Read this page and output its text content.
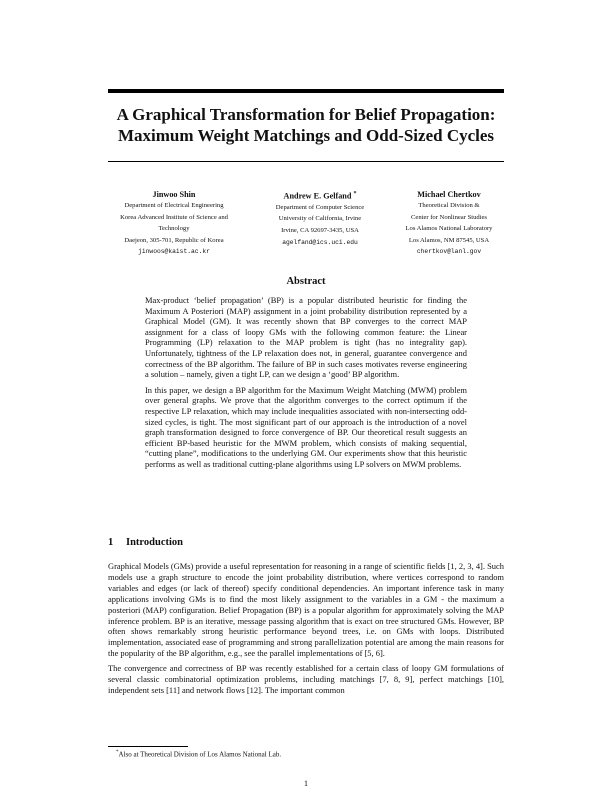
A Graphical Transformation for Belief Propagation:
Maximum Weight Matchings and Odd-Sized Cycles
Jinwoo Shin
Department of Electrical Engineering
Korea Advanced Institute of Science and Technology
Daejeon, 305-701, Republic of Korea
jinwoos@kaist.ac.kr
Andrew E. Gelfand *
Department of Computer Science
University of California, Irvine
Irvine, CA 92697-3435, USA
agelfand@ics.uci.edu
Michael Chertkov
Theoretical Division &
Center for Nonlinear Studies
Los Alamos National Laboratory
Los Alamos, NM 87545, USA
chertkov@lanl.gov
Abstract

Max-product ‘belief propagation’ (BP) is a popular distributed heuristic for finding the Maximum A Posteriori (MAP) assignment in a joint probability distribution represented by a Graphical Model (GM). It was recently shown that BP converges to the correct MAP assignment for a class of loopy GMs with the following common feature: the Linear Programming (LP) relaxation to the MAP problem is tight (has no integrality gap). Unfortunately, tightness of the LP relaxation does not, in general, guarantee convergence and correctness of the BP algorithm. The failure of BP in such cases motivates reverse engineering a solution – namely, given a tight LP, can we design a ‘good’ BP algorithm.

In this paper, we design a BP algorithm for the Maximum Weight Matching (MWM) problem over general graphs. We prove that the algorithm converges to the correct optimum if the respective LP relaxation, which may include inequalities associated with non-intersecting odd-sized cycles, is tight. The most significant part of our approach is the introduction of a novel graph transformation designed to force convergence of BP. Our theoretical result suggests an efficient BP-based heuristic for the MWM problem, which consists of making sequential, “cutting plane”, modifications to the underlying GM. Our experiments show that this heuristic performs as well as traditional cutting-plane algorithms using LP solvers on MWM problems.

1 Introduction

Graphical Models (GMs) provide a useful representation for reasoning in a range of scientific fields [1, 2, 3, 4]. Such models use a graph structure to encode the joint probability distribution, where vertices correspond to random variables and edges (or lack of thereof) specify conditional dependencies. An important inference task in many applications involving GMs is to find the most likely assignment to the variables in a GM - the maximum a posteriori (MAP) configuration. Belief Propagation (BP) is a popular algorithm for approximately solving the MAP inference problem. BP is an iterative, message passing algorithm that is exact on tree structured GMs. However, BP often shows remarkably strong heuristic performance beyond trees, i.e. on GMs with loops. Distributed implementation, associated ease of programming and strong parallelization potential are among the main reasons for the popularity of the BP algorithm, e.g., see the parallel implementations of [5, 6].

The convergence and correctness of BP was recently established for a certain class of loopy GM formulations of several classic combinatorial optimization problems, including matchings [7, 8, 9], perfect matchings [10], independent sets [11] and network flows [12]. The important common

*Also at Theoretical Division of Los Alamos National Lab.
1
